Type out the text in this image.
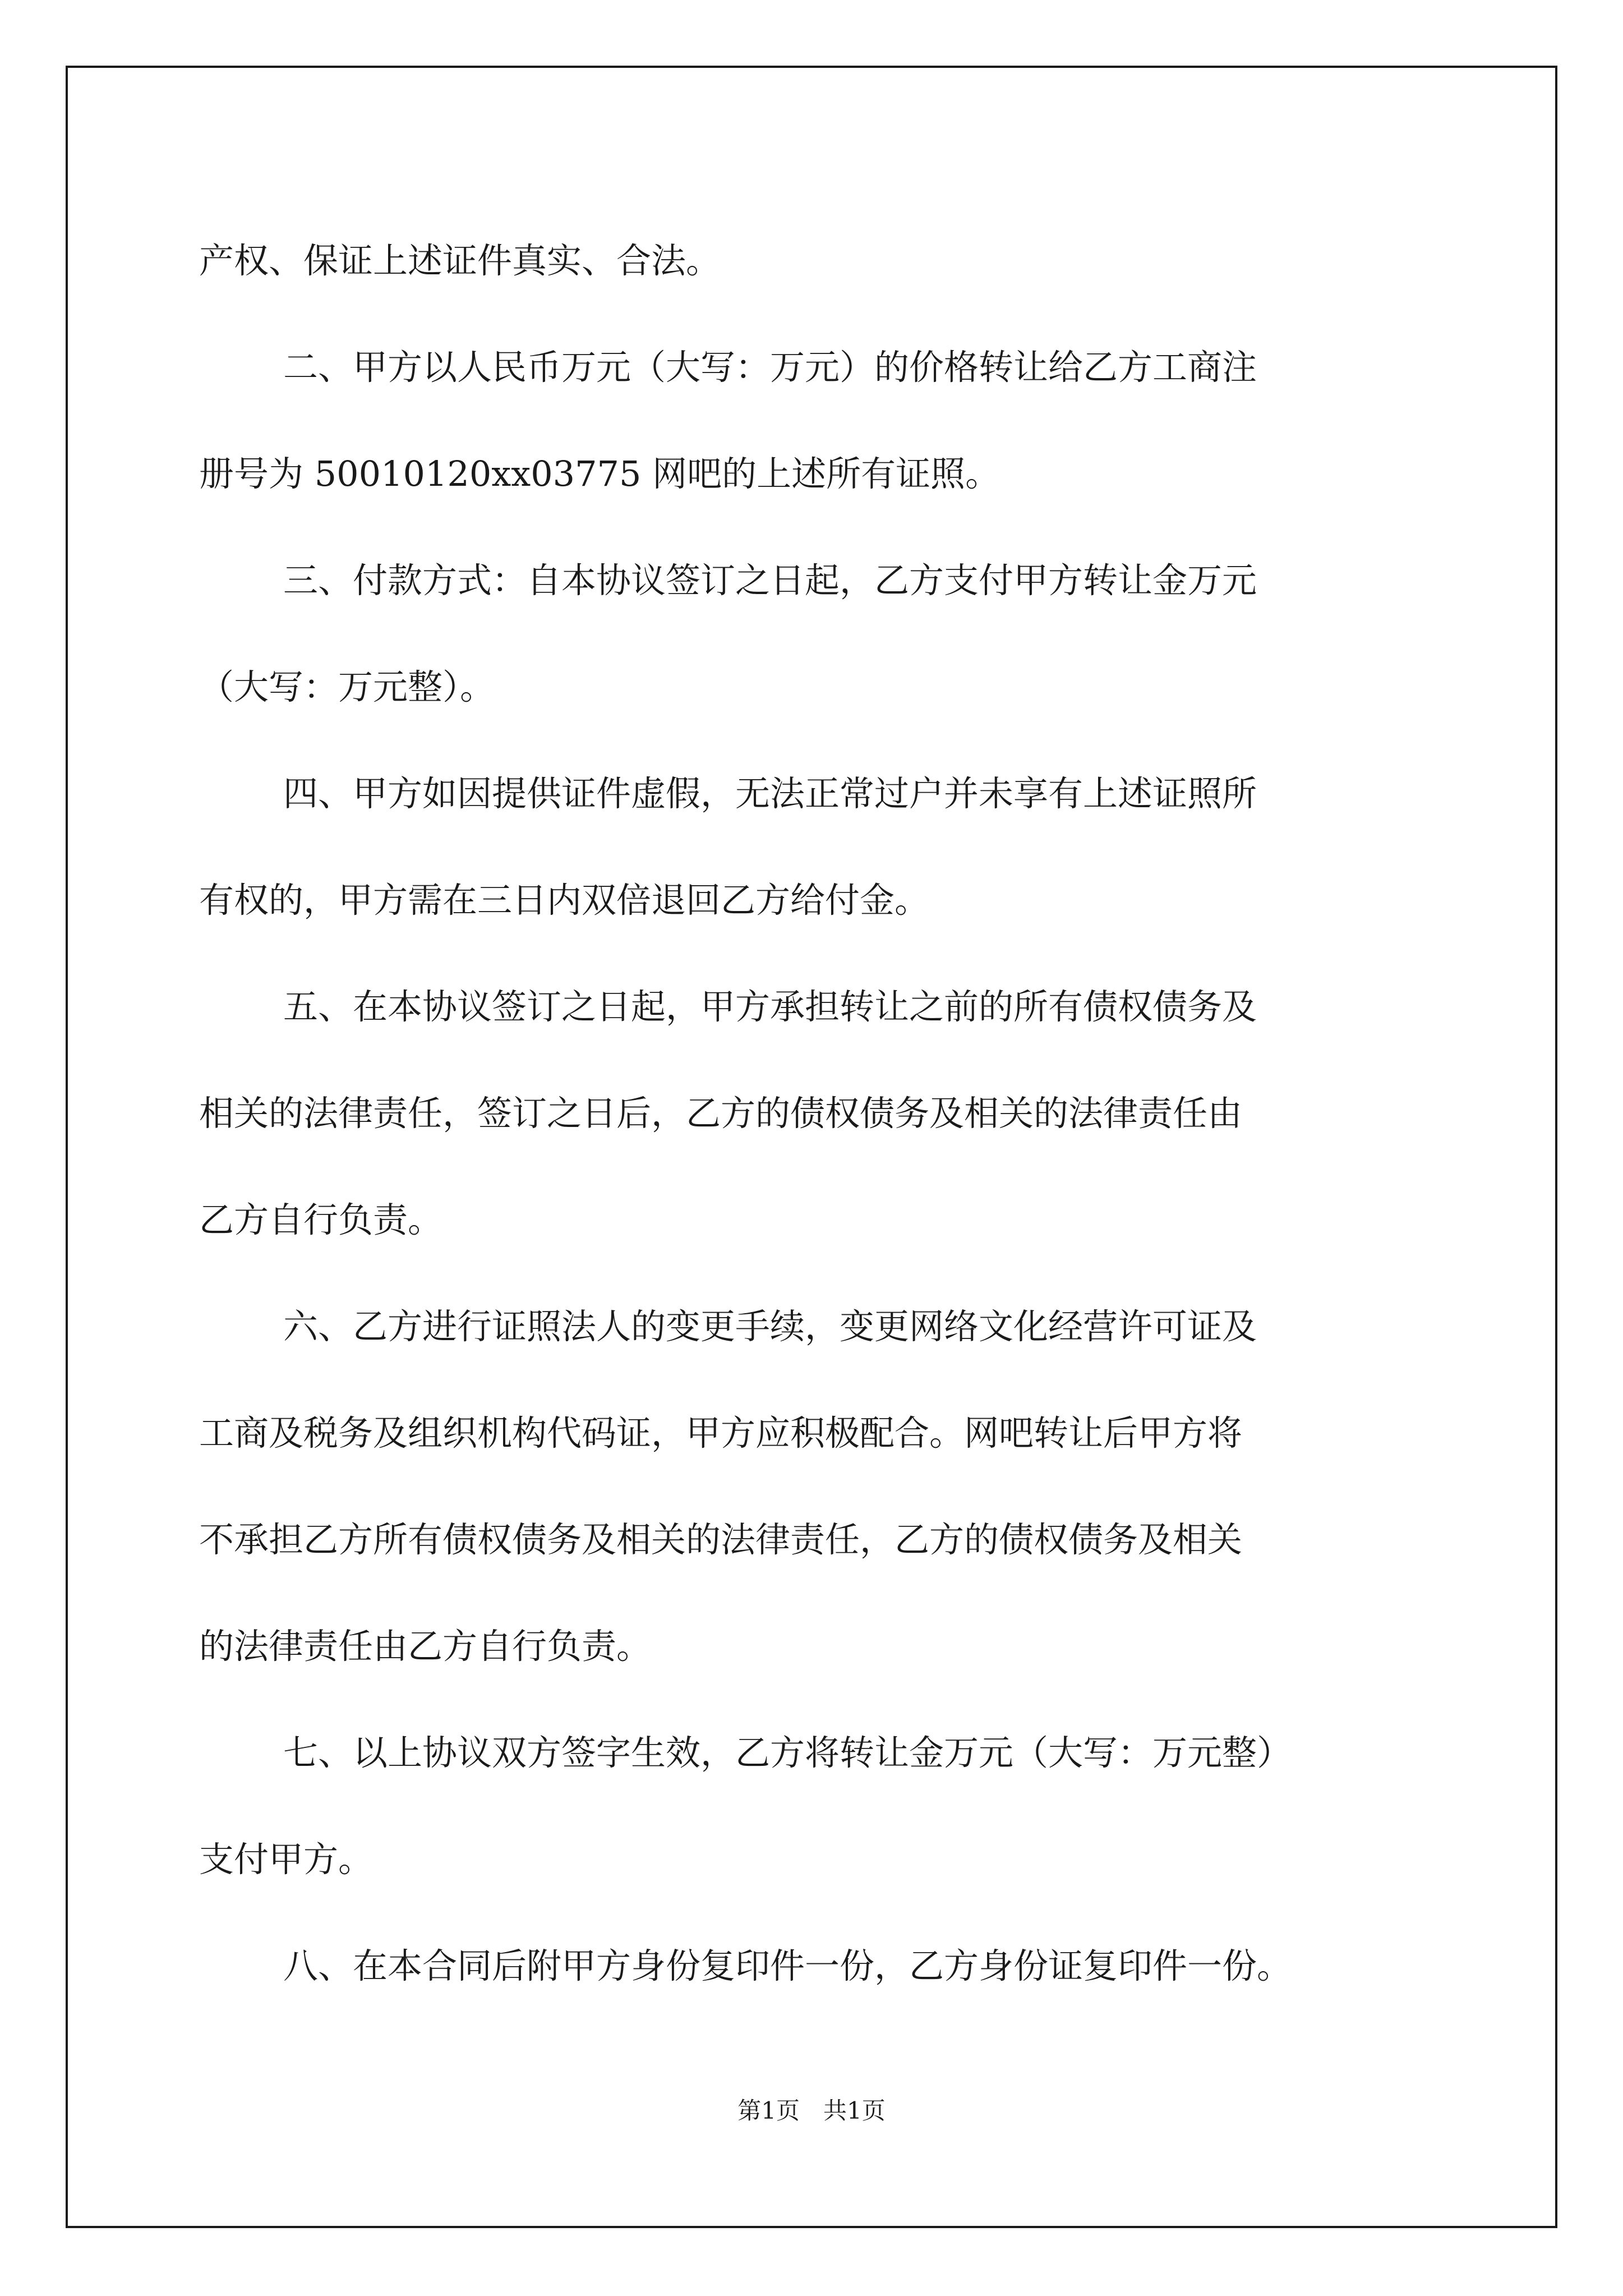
产权、保证上述证件真实、合法。
二、甲方以人民币万元（大写：万元）的价格转让给乙方工商注
册号为 50010120xx03775 网吧的上述所有证照。
三、付款方式：自本协议签订之日起，乙方支付甲方转让金万元
（大写：万元整）。
四、甲方如因提供证件虚假，无法正常过户并未享有上述证照所
有权的，甲方需在三日内双倍退回乙方给付金。
五、在本协议签订之日起，甲方承担转让之前的所有债权债务及
相关的法律责任，签订之日后，乙方的债权债务及相关的法律责任由
乙方自行负责。
六、乙方进行证照法人的变更手续，变更网络文化经营许可证及
工商及税务及组织机构代码证，甲方应积极配合。网吧转让后甲方将
不承担乙方所有债权债务及相关的法律责任，乙方的债权债务及相关
的法律责任由乙方自行负责。
七、以上协议双方签字生效，乙方将转让金万元（大写：万元整）
支付甲方。
八、在本合同后附甲方身份复印件一份，乙方身份证复印件一份。
第1页　共1页
